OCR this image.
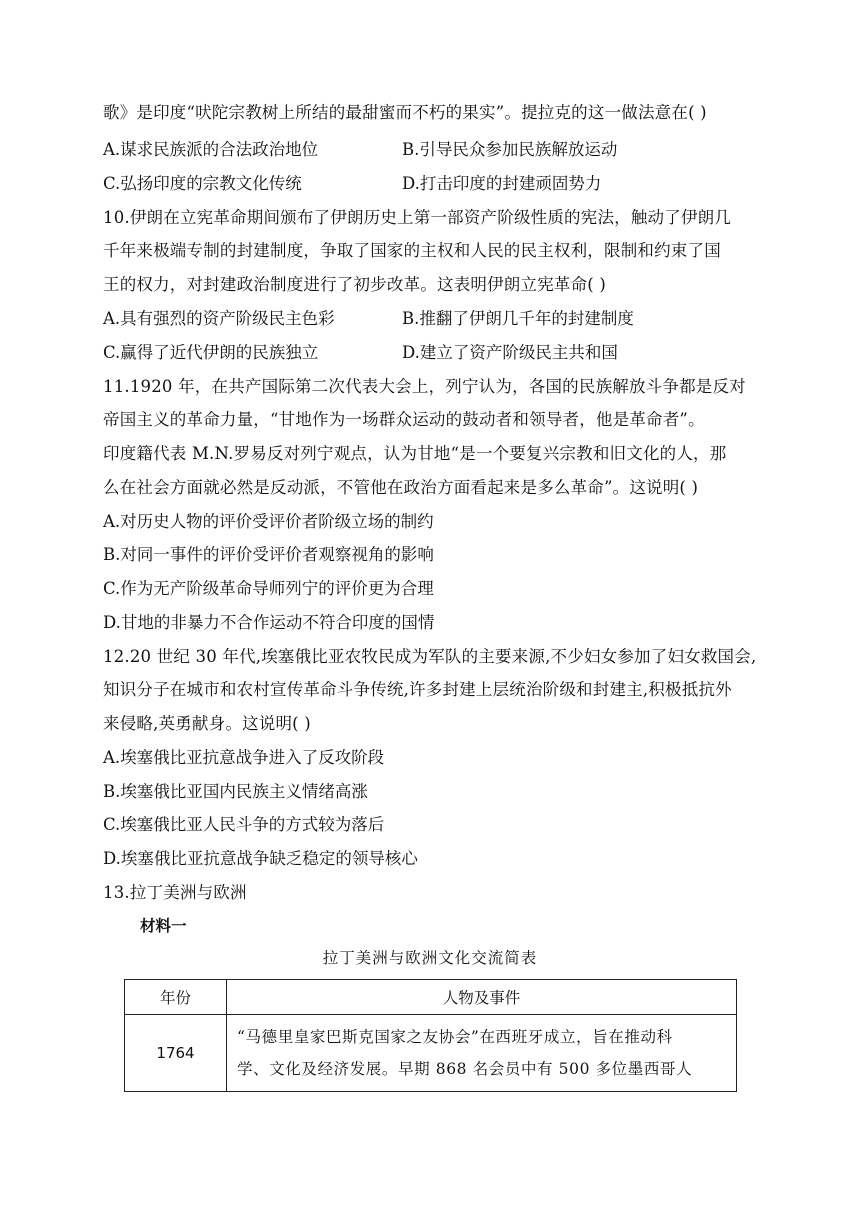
歌》是印度“吠陀宗教树上所结的最甜蜜而不朽的果实”。提拉克的这一做法意在( )
A.谋求民族派的合法政治地位	B.引导民众参加民族解放运动
C.弘扬印度的宗教文化传统	D.打击印度的封建顽固势力
10.伊朗在立宪革命期间颁布了伊朗历史上第一部资产阶级性质的宪法，触动了伊朗几
千年来极端专制的封建制度，争取了国家的主权和人民的民主权利，限制和约束了国
王的权力，对封建政治制度进行了初步改革。这表明伊朗立宪革命( )
A.具有强烈的资产阶级民主色彩	B.推翻了伊朗几千年的封建制度
C.赢得了近代伊朗的民族独立	D.建立了资产阶级民主共和国
11.1920 年，在共产国际第二次代表大会上，列宁认为，各国的民族解放斗争都是反对
帝国主义的革命力量，“甘地作为一场群众运动的鼓动者和领导者，他是革命者”。
印度籍代表 M.N.罗易反对列宁观点，认为甘地“是一个要复兴宗教和旧文化的人，那
么在社会方面就必然是反动派，不管他在政治方面看起来是多么革命”。这说明( )
A.对历史人物的评价受评价者阶级立场的制约
B.对同一事件的评价受评价者观察视角的影响
C.作为无产阶级革命导师列宁的评价更为合理
D.甘地的非暴力不合作运动不符合印度的国情
12.20 世纪 30 年代,埃塞俄比亚农牧民成为军队的主要来源,不少妇女参加了妇女救国会,
知识分子在城市和农村宣传革命斗争传统,许多封建上层统治阶级和封建主,积极抵抗外
来侵略,英勇献身。这说明( )
A.埃塞俄比亚抗意战争进入了反攻阶段
B.埃塞俄比亚国内民族主义情绪高涨
C.埃塞俄比亚人民斗争的方式较为落后
D.埃塞俄比亚抗意战争缺乏稳定的领导核心
13.拉丁美洲与欧洲
材料一
拉丁美洲与欧洲文化交流简表
年份	人物及事件
1764	“马德里皇家巴斯克国家之友协会”在西班牙成立，旨在推动科
学、文化及经济发展。早期 868 名会员中有 500 多位墨西哥人
